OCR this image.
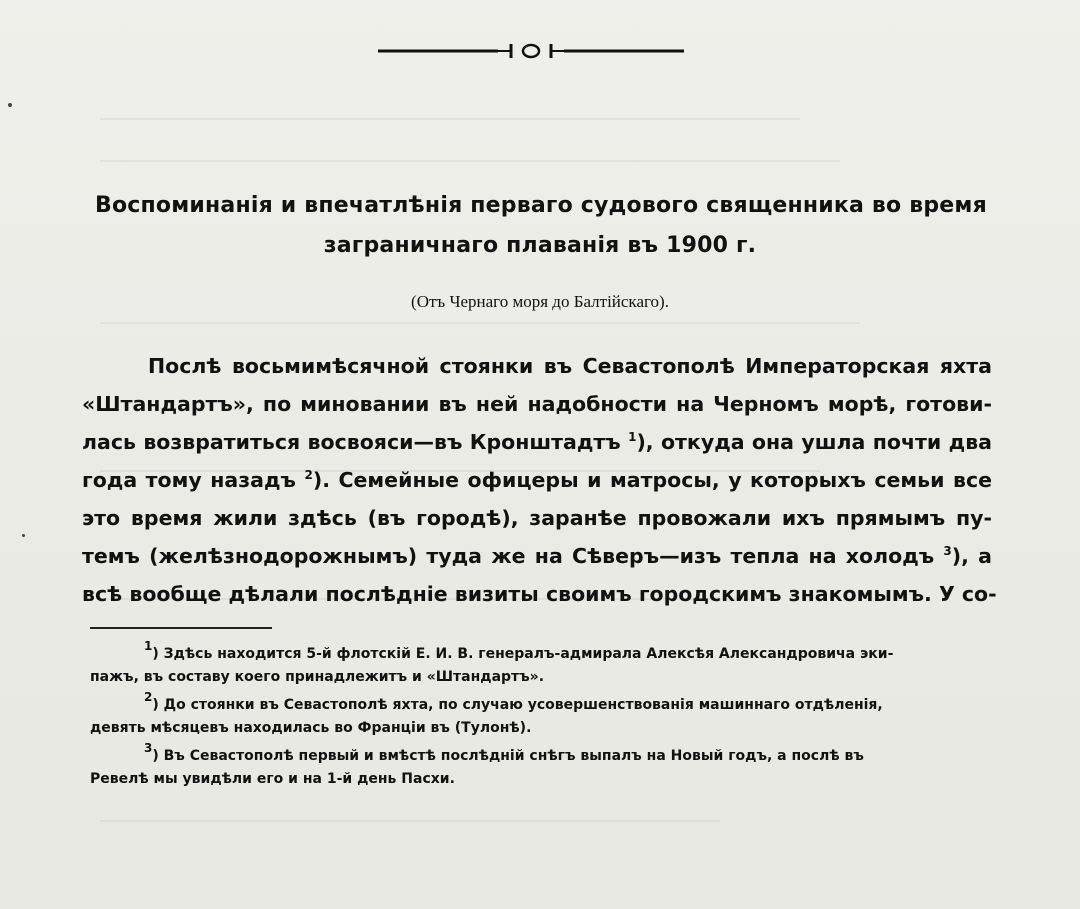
Воспоминанія и впечатлѣнія перваго судового священника во время
заграничнаго плаванія въ 1900 г.

(Отъ Чернаго моря до Балтійскаго).

Послѣ восьмимѣсячной стоянки въ Севастополѣ Императорская яхта
«Штандартъ», по миновании въ ней надобности на Черномъ морѣ, готови-
лась возвратиться восвояси—въ Кронштадтъ $^1$), откуда она ушла почти два
года тому назадъ $^2$). Семейные офицеры и матросы, у которыхъ семьи все
это время жили здѣсь (въ городѣ), заранѣе провожали ихъ прямымъ пу-
темъ (желѣзнодорожнымъ) туда же на Сѣверъ—изъ тепла на холодъ $^3$), а
всѣ вообще дѣлали послѣдніе визиты своимъ городскимъ знакомымъ. У со-
$^1$) Здѣсь находится 5-й флотскій Е. И. В. генералъ-адмирала Алексѣя Александровича эки-
пажъ, въ составу коего принадлежитъ и «Штандартъ».
$^2$) До стоянки въ Севастополѣ яхта, по случаю усовершенствованія машиннаго отдѣленія,
девять мѣсяцевъ находилась во Франціи въ (Тулонѣ).
$^3$) Въ Севастополѣ первый и вмѣстѣ послѣдній снѣгъ выпалъ на Новый годъ, а послѣ въ
Ревелѣ мы увидѣли его и на 1-й день Пасхи.
